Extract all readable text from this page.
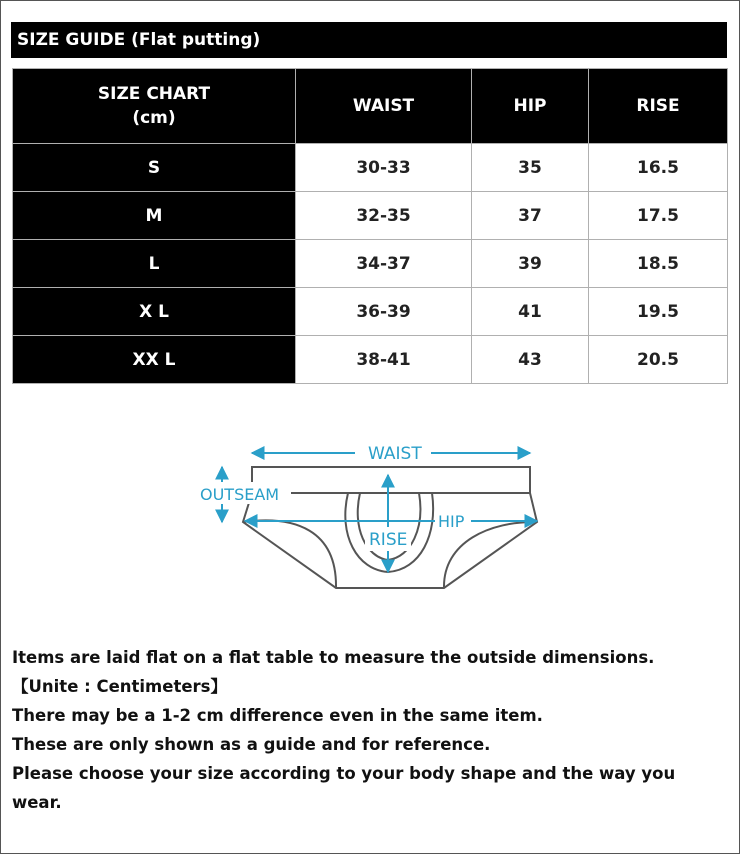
SIZE GUIDE (Flat putting)
SIZE CHART
(cm)	WAIST	HIP	RISE
S	30-33	35	16.5
M	32-35	37	17.5
L	34-37	39	18.5
X L	36-39	41	19.5
XX L	38-41	43	20.5
WAIST
OUTSEAM
HIP
RISE

Items are laid flat on a flat table to measure the outside dimensions.

【Unite : Centimeters】

There may be a 1-2 cm difference even in the same item.

These are only shown as a guide and for reference.

Please choose your size according to your body shape and the way you wear.
